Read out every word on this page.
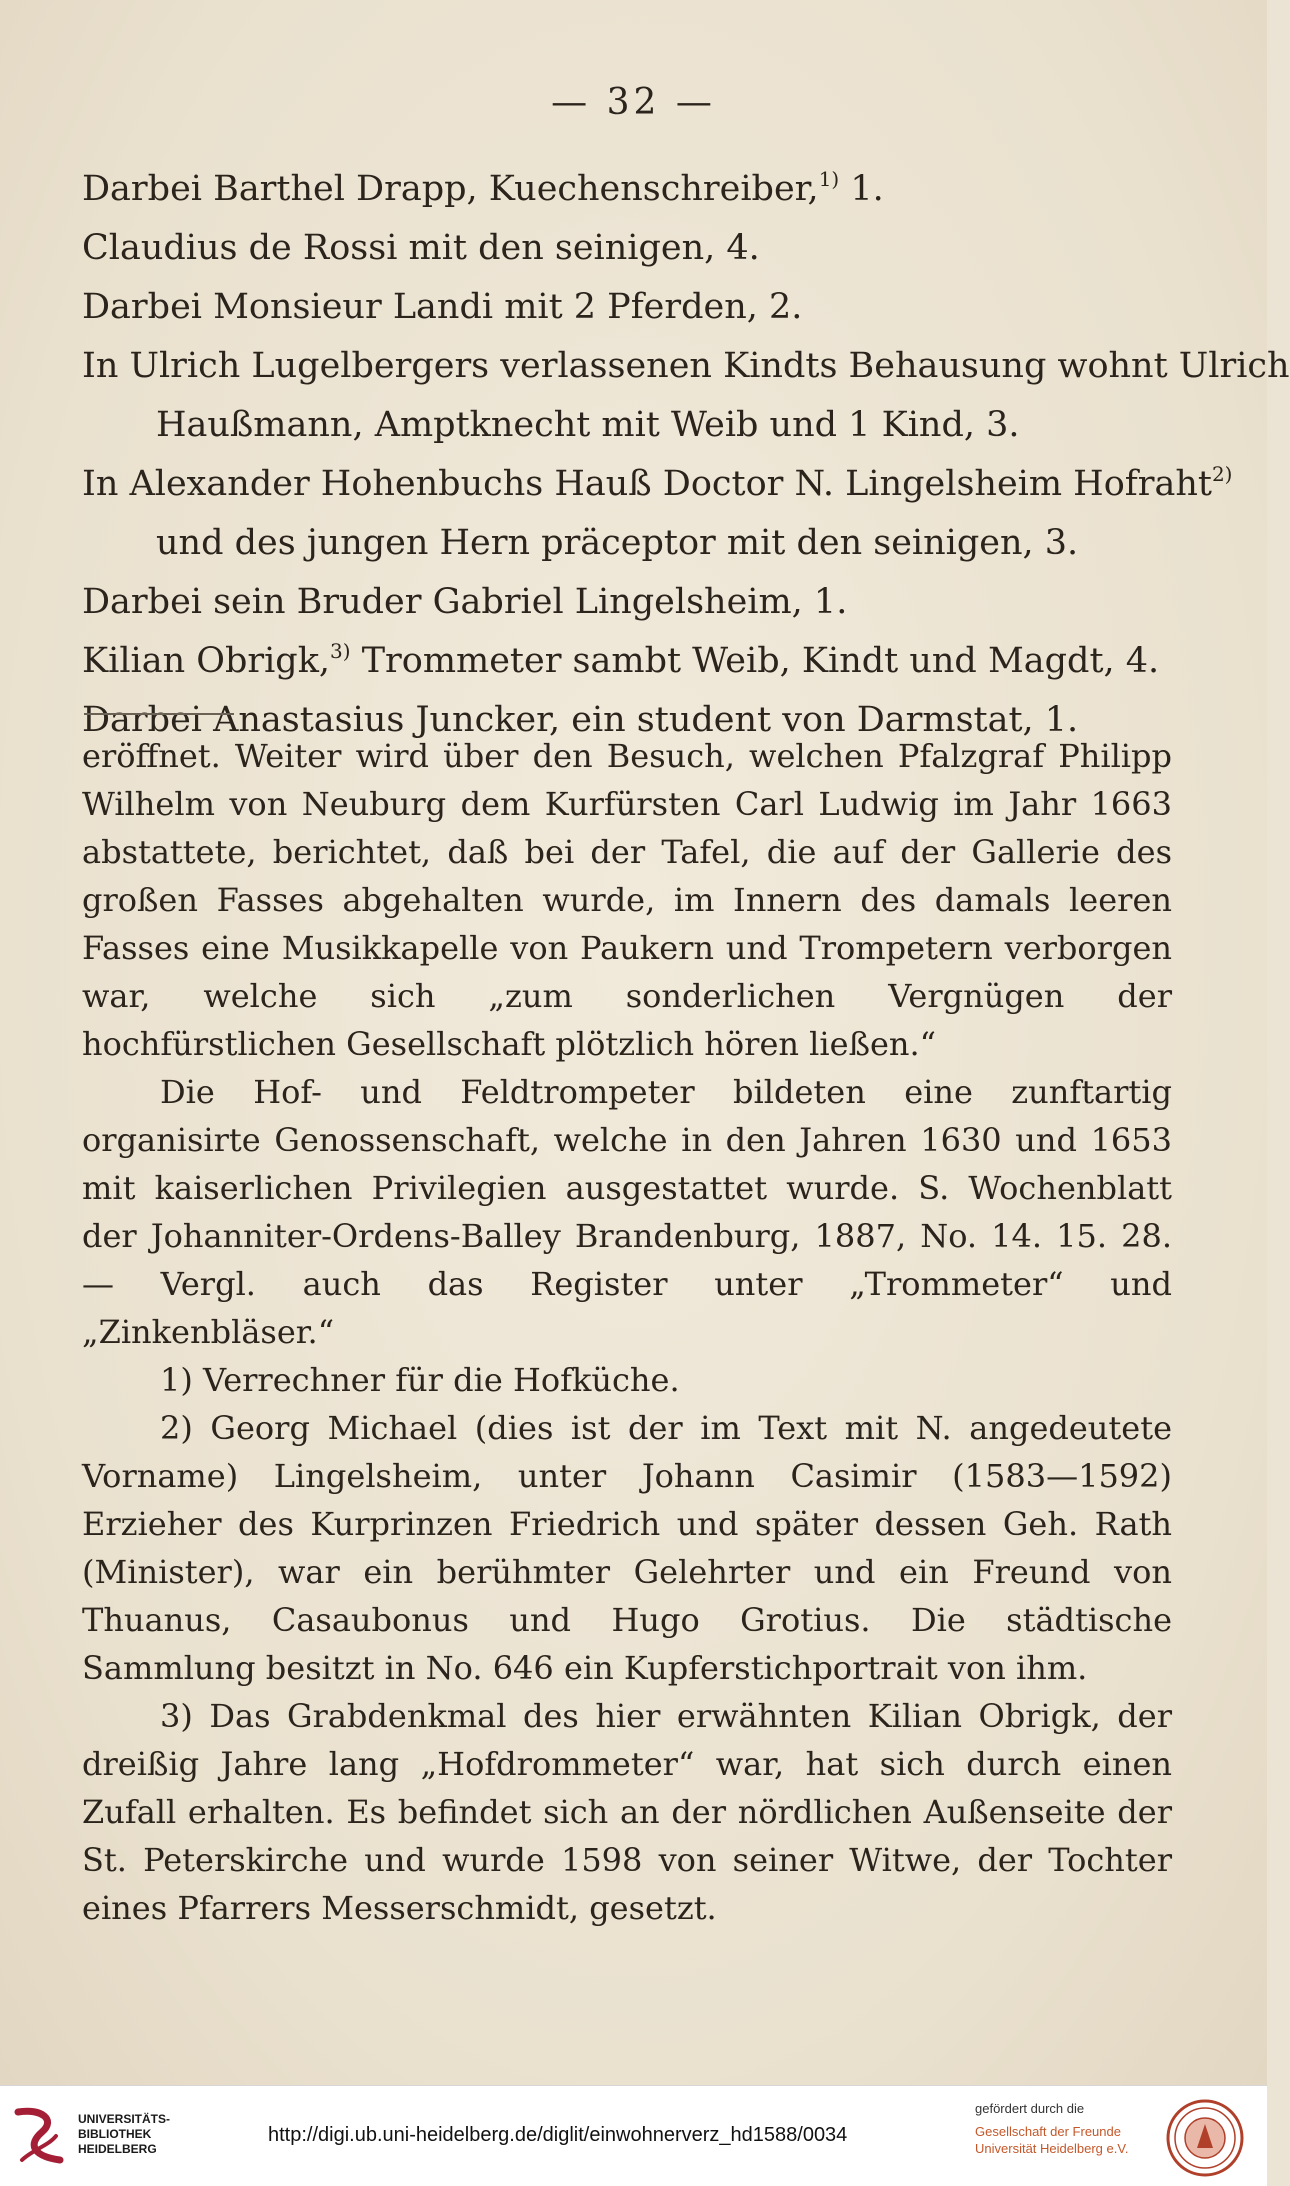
— 32 —
Darbei Barthel Drapp, Kuechenschreiber,$^{1)}$ 1.
Claudius de Rossi mit den seinigen, 4.
Darbei Monsieur Landi mit 2 Pferden, 2.
In Ulrich Lugelbergers verlassenen Kindts Behausung wohnt Ulrich
Haußmann, Amptknecht mit Weib und 1 Kind, 3.
In Alexander Hohenbuchs Hauß Doctor N. Lingelsheim Hofraht$^{2)}$
und des jungen Hern präceptor mit den seinigen, 3.
Darbei sein Bruder Gabriel Lingelsheim, 1.
Kilian Obrigk,$^{3)}$ Trommeter sambt Weib, Kindt und Magdt, 4.
Darbei Anastasius Juncker, ein student von Darmstat, 1.

eröffnet. Weiter wird über den Besuch, welchen Pfalzgraf Philipp Wilhelm von Neuburg dem Kurfürsten Carl Ludwig im Jahr 1663 abstattete, berichtet, daß bei der Tafel, die auf der Gallerie des großen Fasses abgehalten wurde, im Innern des damals leeren Fasses eine Musikkapelle von Paukern und Trompetern verborgen war, welche sich „zum sonderlichen Vergnügen der hochfürstlichen Gesellschaft plötzlich hören ließen.“

Die Hof- und Feldtrompeter bildeten eine zunftartig organisirte Genossenschaft, welche in den Jahren 1630 und 1653 mit kaiserlichen Privilegien ausgestattet wurde. S. Wochenblatt der Johanniter-Ordens-Balley Brandenburg, 1887, No. 14. 15. 28. — Vergl. auch das Register unter „Trommeter“ und „Zinkenbläser.“

1) Verrechner für die Hofküche.

2) Georg Michael (dies ist der im Text mit N. angedeutete Vorname) Lingelsheim, unter Johann Casimir (1583—1592) Erzieher des Kurprinzen Friedrich und später dessen Geh. Rath (Minister), war ein berühmter Gelehrter und ein Freund von Thuanus, Casaubonus und Hugo Grotius. Die städtische Sammlung besitzt in No. 646 ein Kupferstichportrait von ihm.

3) Das Grabdenkmal des hier erwähnten Kilian Obrigk, der dreißig Jahre lang „Hofdrommeter“ war, hat sich durch einen Zufall erhalten. Es befindet sich an der nördlichen Außenseite der St. Peterskirche und wurde 1598 von seiner Witwe, der Tochter eines Pfarrers Messerschmidt, gesetzt.

UNIVERSITÄTS-
BIBLIOTHEK
HEIDELBERG
http://digi.ub.uni-heidelberg.de/diglit/einwohnerverz_hd1588/0034
gefördert durch die
Gesellschaft der Freunde
Universität Heidelberg e.V.
